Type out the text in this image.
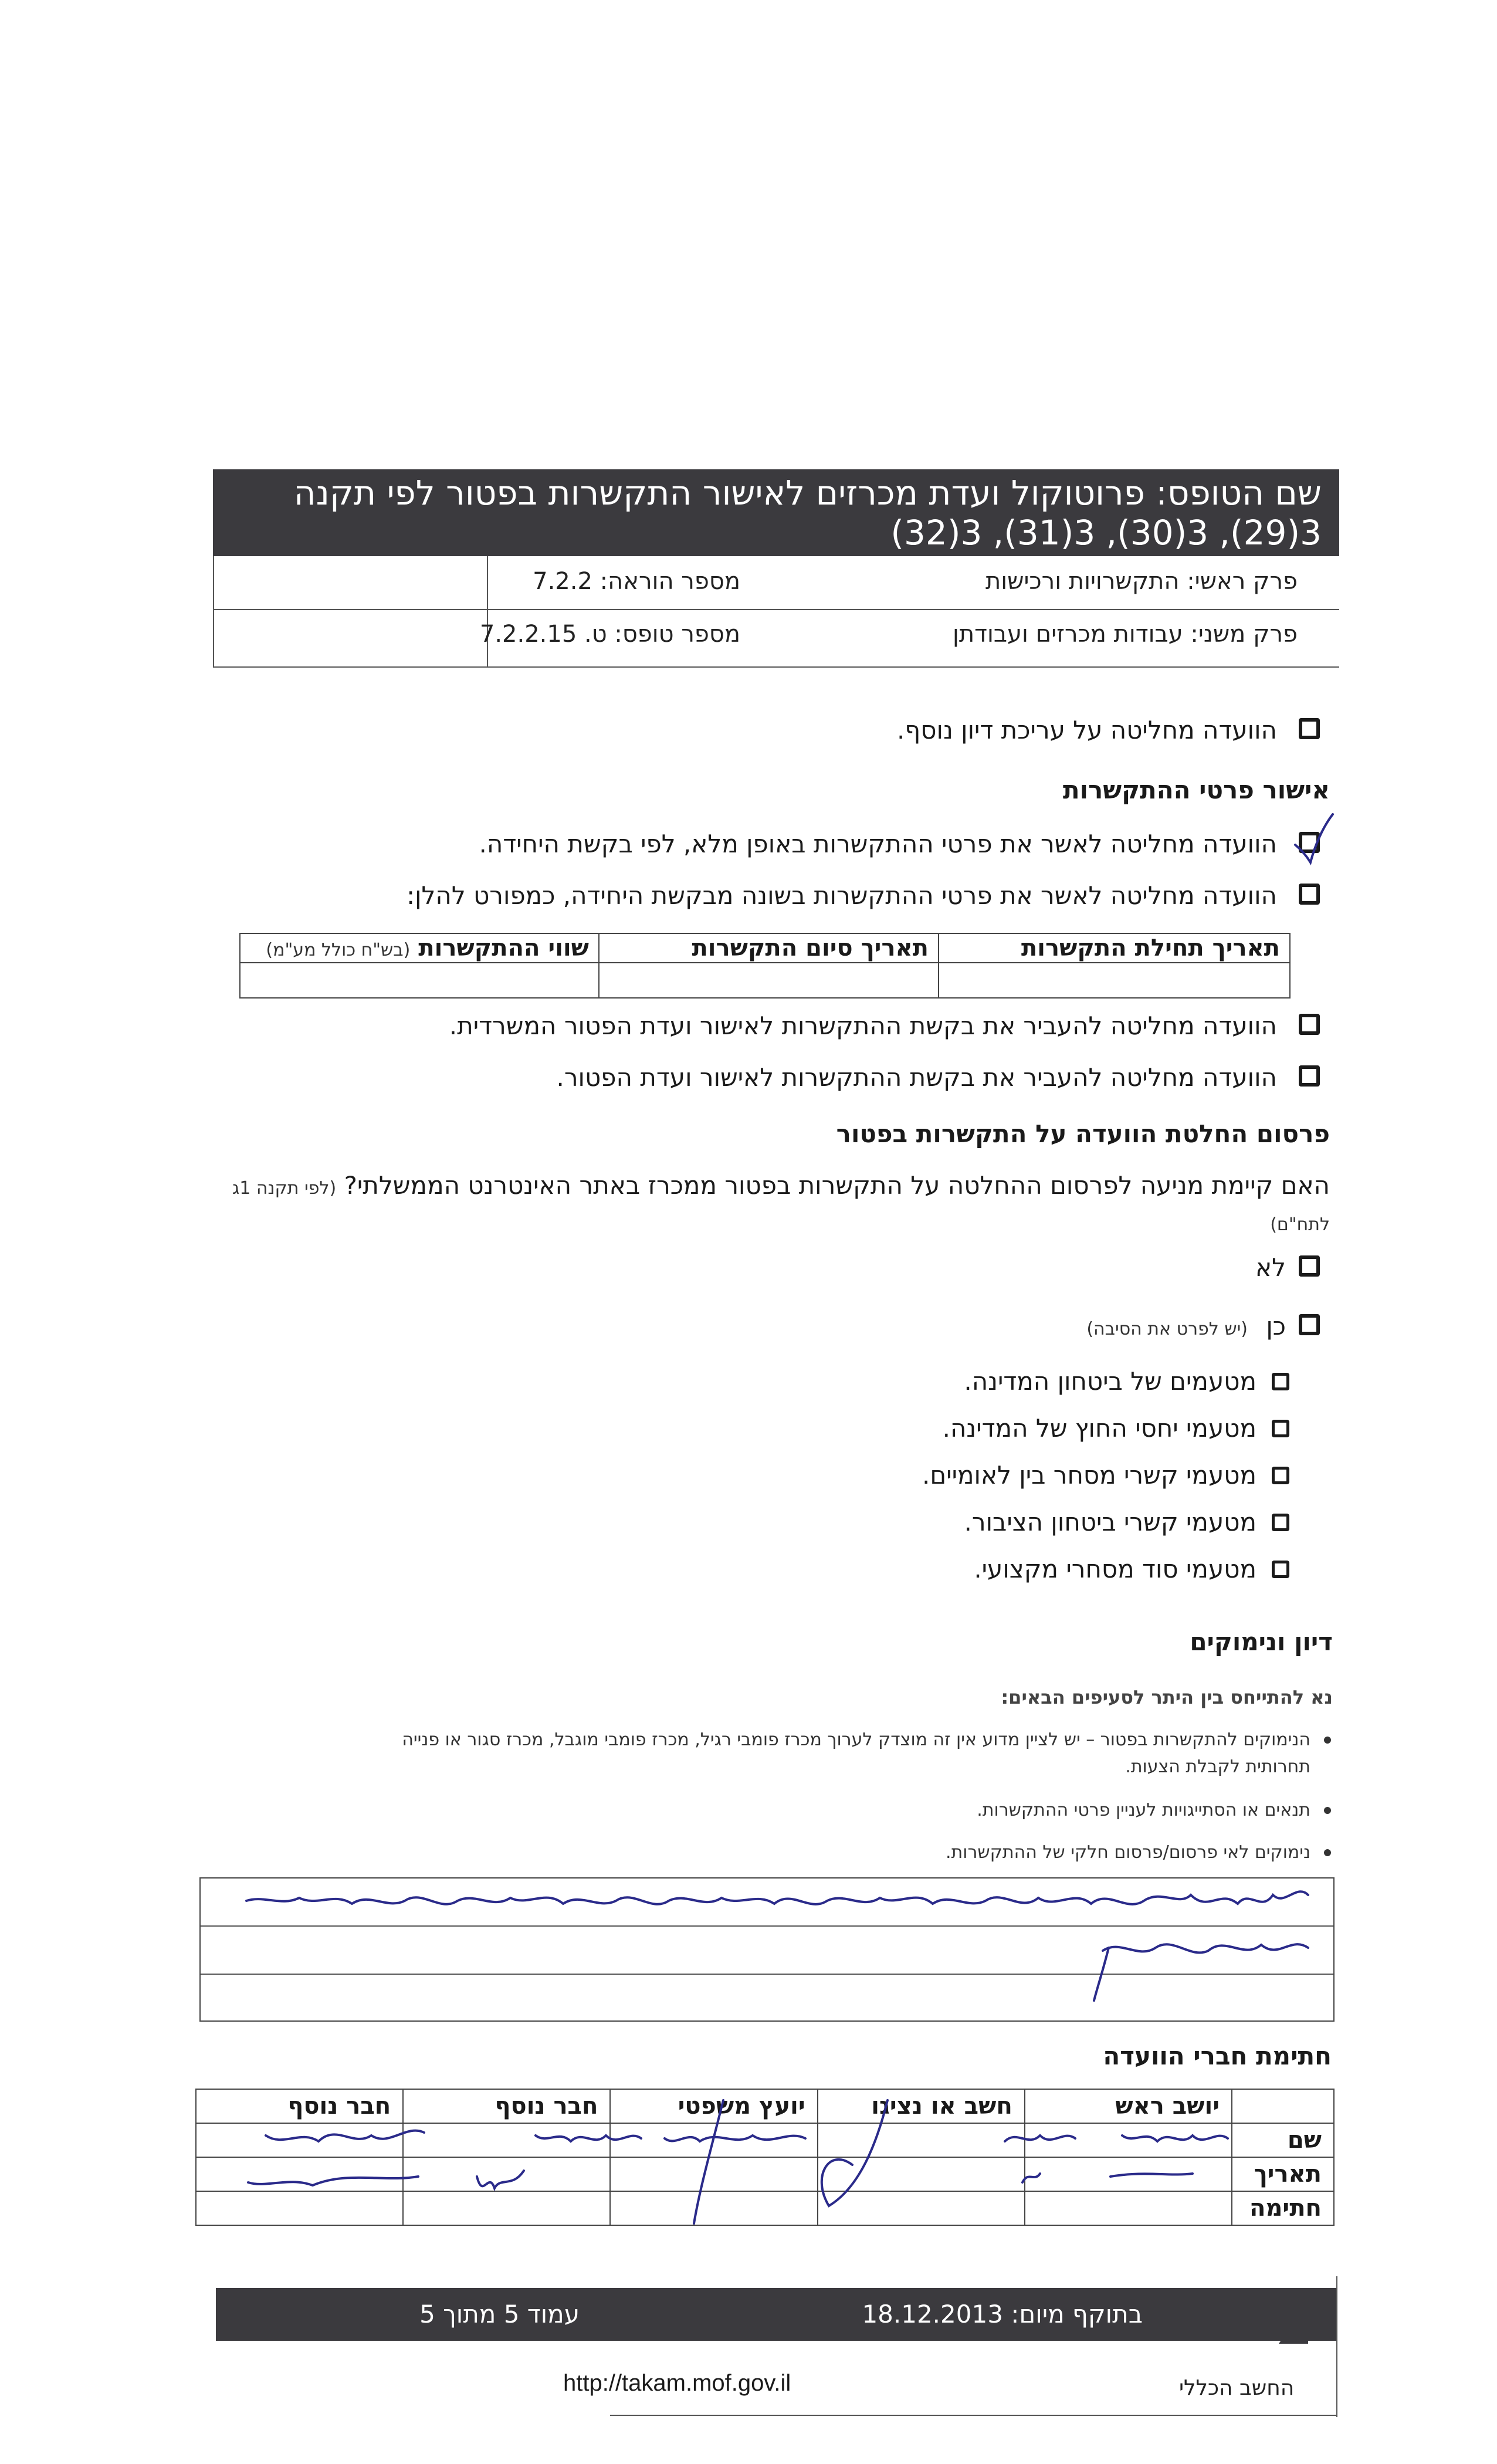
שם הטופס: פרוטוקול ועדת מכרזים לאישור התקשרות בפטור לפי תקנה
3(29), 3(30), 3(31), 3(32)
פרק ראשי: התקשרויות ורכישות
מספר הוראה: 7.2.2
פרק משני: עבודות מכרזים ועבודתן
מספר טופס: ט. 7.2.2.15
הוועדה מחליטה על עריכת דיון נוסף.
אישור פרטי ההתקשרות
הוועדה מחליטה לאשר את פרטי ההתקשרות באופן מלא, לפי בקשת היחידה.
הוועדה מחליטה לאשר את פרטי ההתקשרות בשונה מבקשת היחידה, כמפורט להלן:
תאריך תחילת התקשרות	תאריך סיום התקשרות	שווי ההתקשרות (בש"ח כולל מע"מ)

הוועדה מחליטה להעביר את בקשת ההתקשרות לאישור ועדת הפטור המשרדית.
הוועדה מחליטה להעביר את בקשת ההתקשרות לאישור ועדת הפטור.
פרסום החלטת הוועדה על התקשרות בפטור
האם קיימת מניעה לפרסום ההחלטה על התקשרות בפטור ממכרז באתר האינטרנט הממשלתי? (לפי תקנה 1ג
לתח"ם)
לא
כן
(יש לפרט את הסיבה)
מטעמים של ביטחון המדינה.
מטעמי יחסי החוץ של המדינה.
מטעמי קשרי מסחר בין לאומיים.
מטעמי קשרי ביטחון הציבור.
מטעמי סוד מסחרי מקצועי.
דיון ונימוקים
נא להתייחס בין היתר לסעיפים הבאים:
הנימוקים להתקשרות בפטור – יש לציין מדוע אין זה מוצדק לערוך מכרז פומבי רגיל, מכרז פומבי מוגבל, מכרז סגור או פנייה
תחרותית לקבלת הצעות.
תנאים או הסתייגויות לעניין פרטי ההתקשרות.
נימוקים לאי פרסום/פרסום חלקי של ההתקשרות.
חתימת חברי הוועדה
	יושב ראש	חשב או נציגו	יועץ משפטי	חבר נוסף	חבר נוסף
שם					
תאריך					
חתימה					
בתוקף מיום: 18.12.2013
עמוד 5 מתוך 5
http://takam.mof.gov.il	החשב הכללי
